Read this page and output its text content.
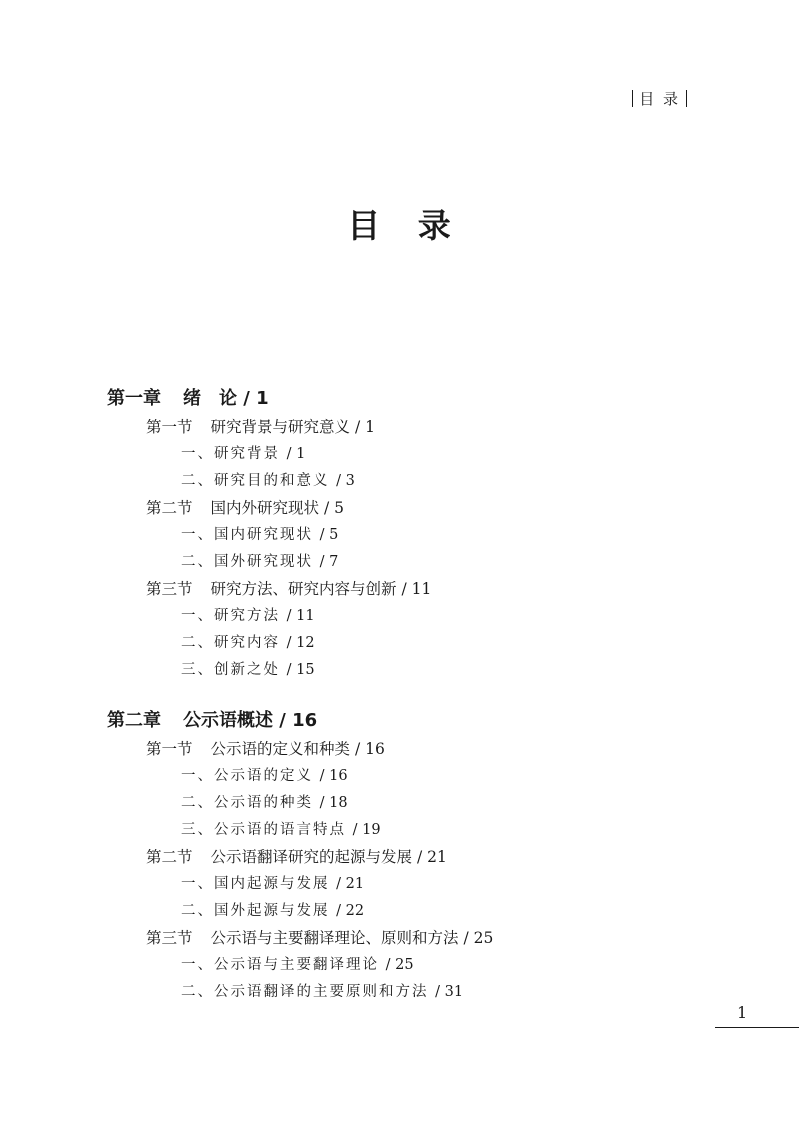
目 录
目 录
第一章 绪　论 / 1
第一节 研究背景与研究意义 / 1
一、研究背景 / 1
二、研究目的和意义 / 3
第二节 国内外研究现状 / 5
一、国内研究现状 / 5
二、国外研究现状 / 7
第三节 研究方法、研究内容与创新 / 11
一、研究方法 / 11
二、研究内容 / 12
三、创新之处 / 15
第二章 公示语概述 / 16
第一节 公示语的定义和种类 / 16
一、公示语的定义 / 16
二、公示语的种类 / 18
三、公示语的语言特点 / 19
第二节 公示语翻译研究的起源与发展 / 21
一、国内起源与发展 / 21
二、国外起源与发展 / 22
第三节 公示语与主要翻译理论、原则和方法 / 25
一、公示语与主要翻译理论 / 25
二、公示语翻译的主要原则和方法 / 31
1
